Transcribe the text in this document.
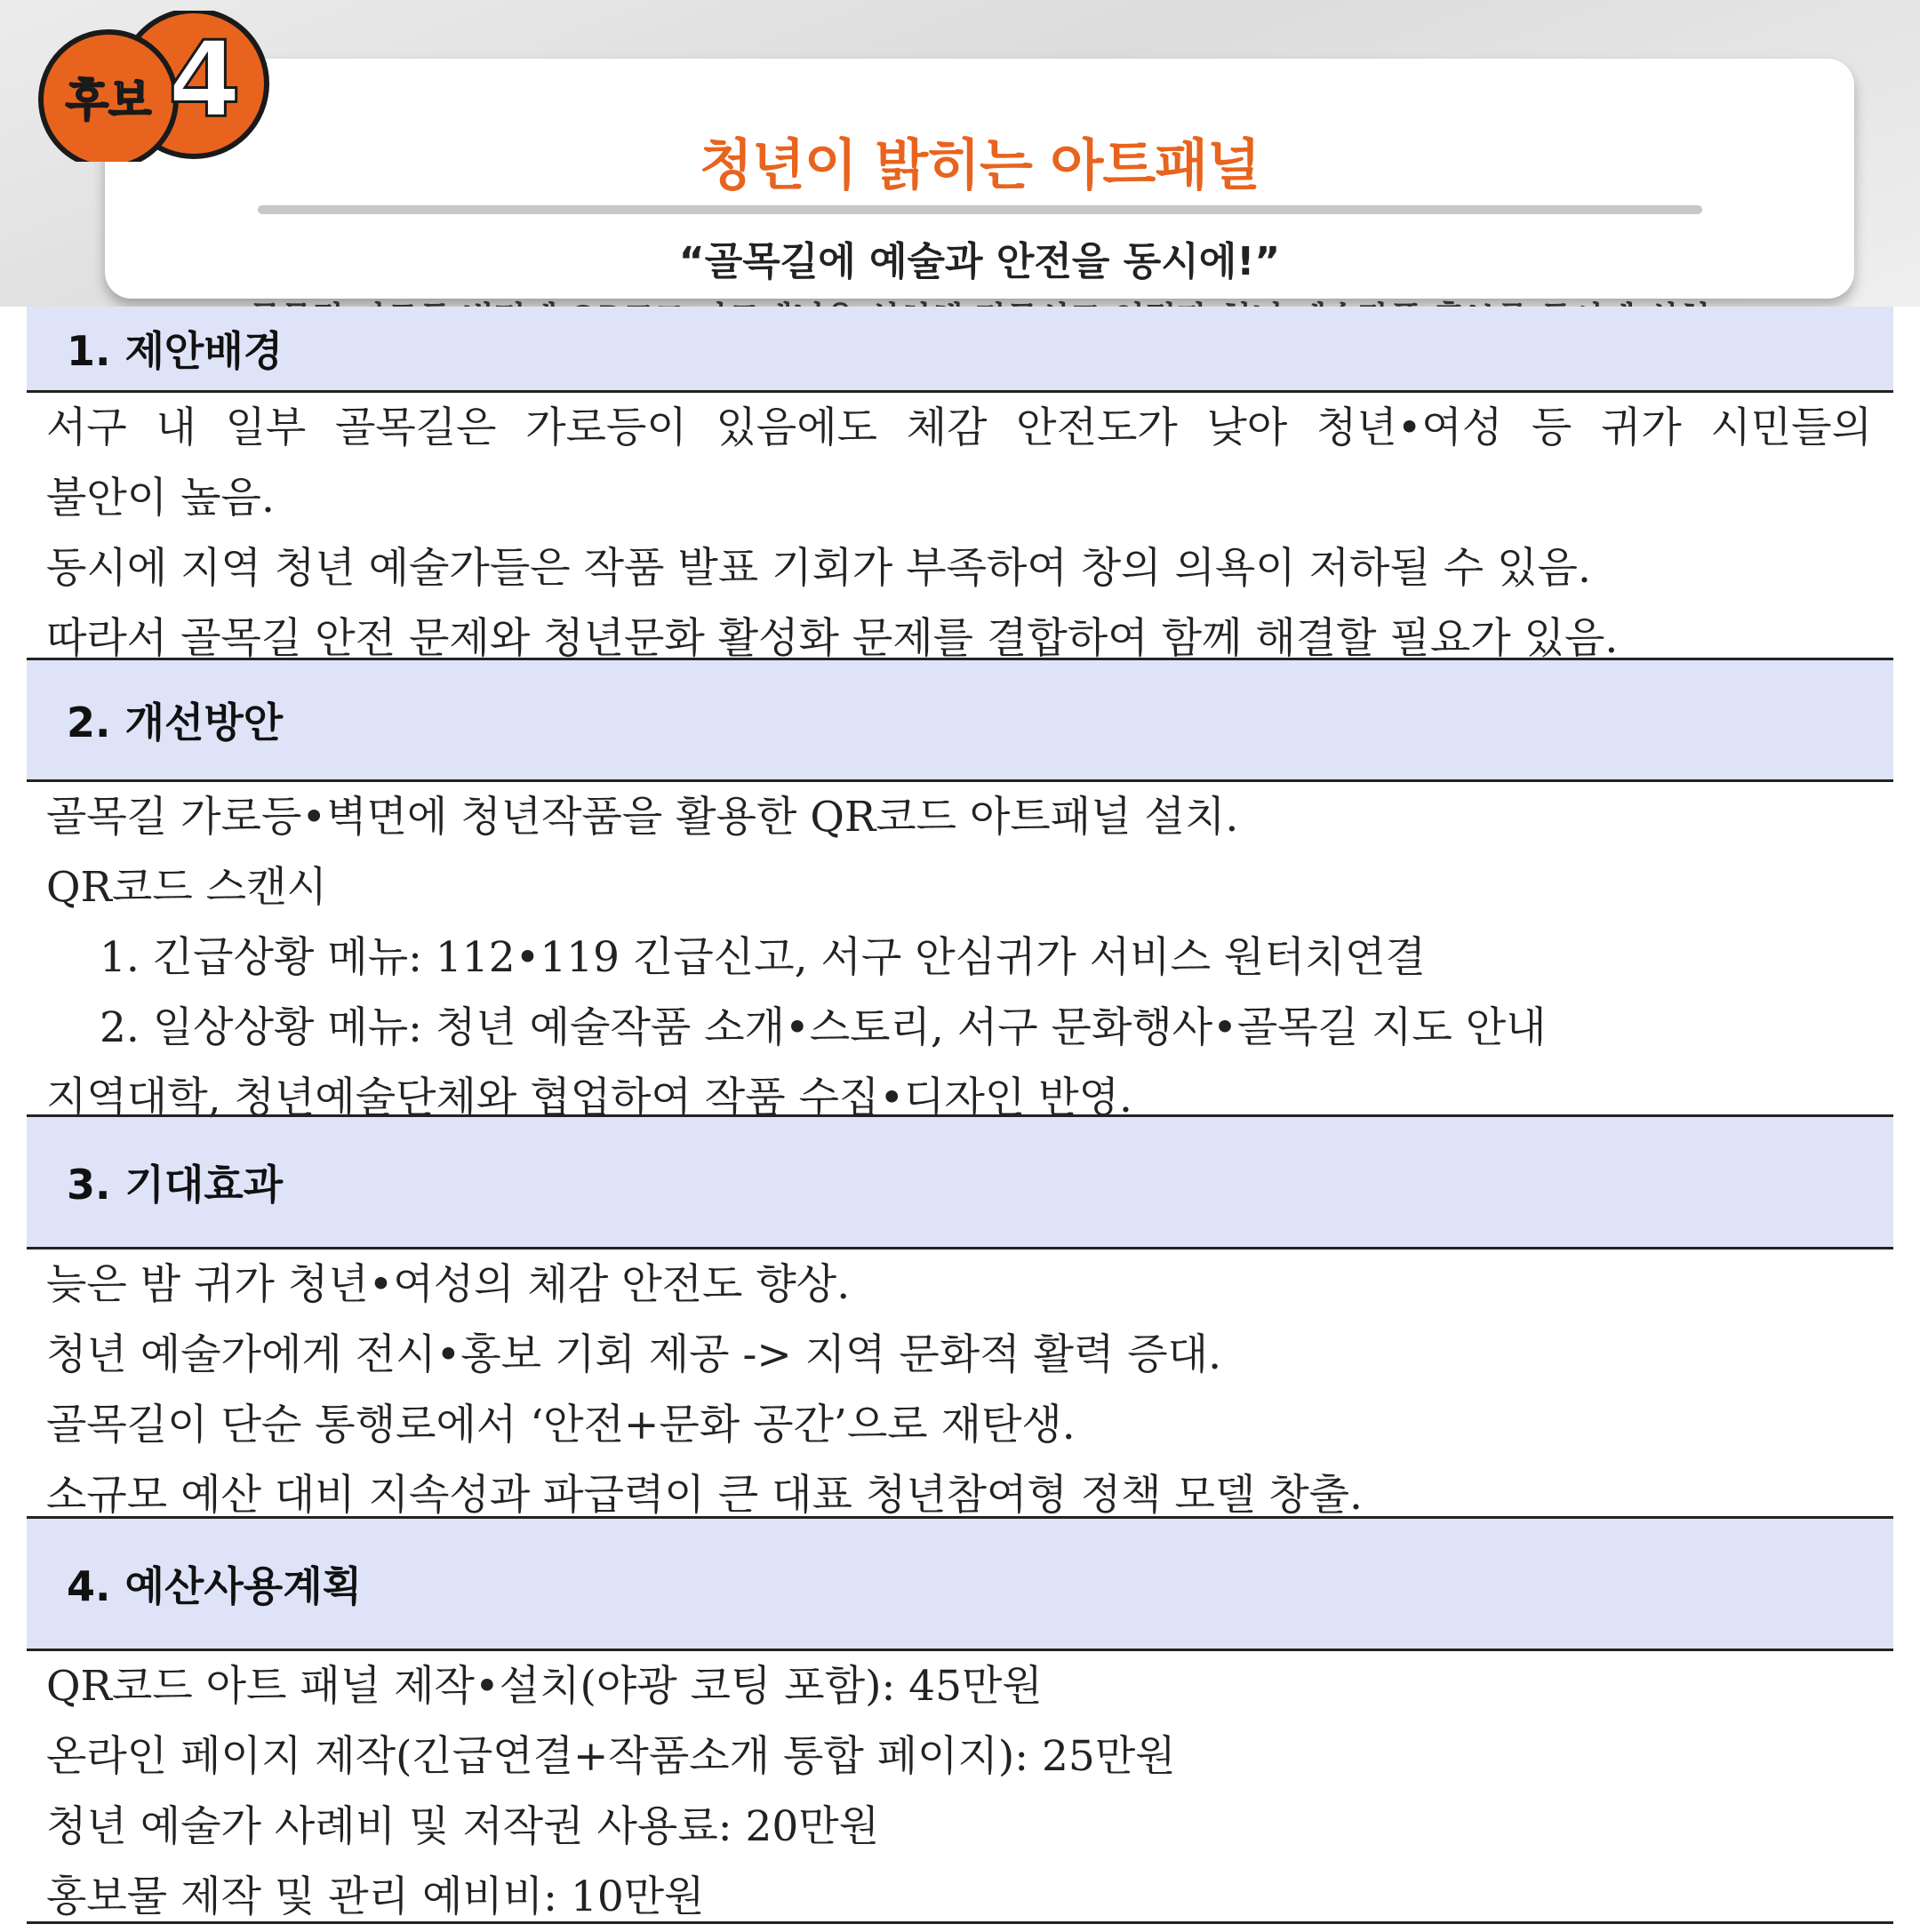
청년이 밝히는 아트패널
“골목길에 예술과 안전을 동시에!”
후보 4
1. 제안배경
서구 내 일부 골목길은 가로등이 있음에도 체감 안전도가 낮아 청년•여성 등 귀가 시민들의
불안이 높음.
동시에 지역 청년 예술가들은 작품 발표 기회가 부족하여 창의 의욕이 저하될 수 있음.
따라서 골목길 안전 문제와 청년문화 활성화 문제를 결합하여 함께 해결할 필요가 있음.
2. 개선방안
골목길 가로등•벽면에 청년작품을 활용한 QR코드 아트패널 설치.
QR코드 스캔시
1. 긴급상황 메뉴: 112•119 긴급신고, 서구 안심귀가 서비스 원터치연결
2. 일상상황 메뉴: 청년 예술작품 소개•스토리, 서구 문화행사•골목길 지도 안내
지역대학, 청년예술단체와 협업하여 작품 수집•디자인 반영.
3. 기대효과
늦은 밤 귀가 청년•여성의 체감 안전도 향상.
청년 예술가에게 전시•홍보 기회 제공 -> 지역 문화적 활력 증대.
골목길이 단순 통행로에서 ‘안전+문화 공간’으로 재탄생.
소규모 예산 대비 지속성과 파급력이 큰 대표 청년참여형 정책 모델 창출.
4. 예산사용계획
QR코드 아트 패널 제작•설치(야광 코팅 포함): 45만원
온라인 페이지 제작(긴급연결+작품소개 통합 페이지): 25만원
청년 예술가 사례비 및 저작권 사용료: 20만원
홍보물 제작 및 관리 예비비: 10만원
